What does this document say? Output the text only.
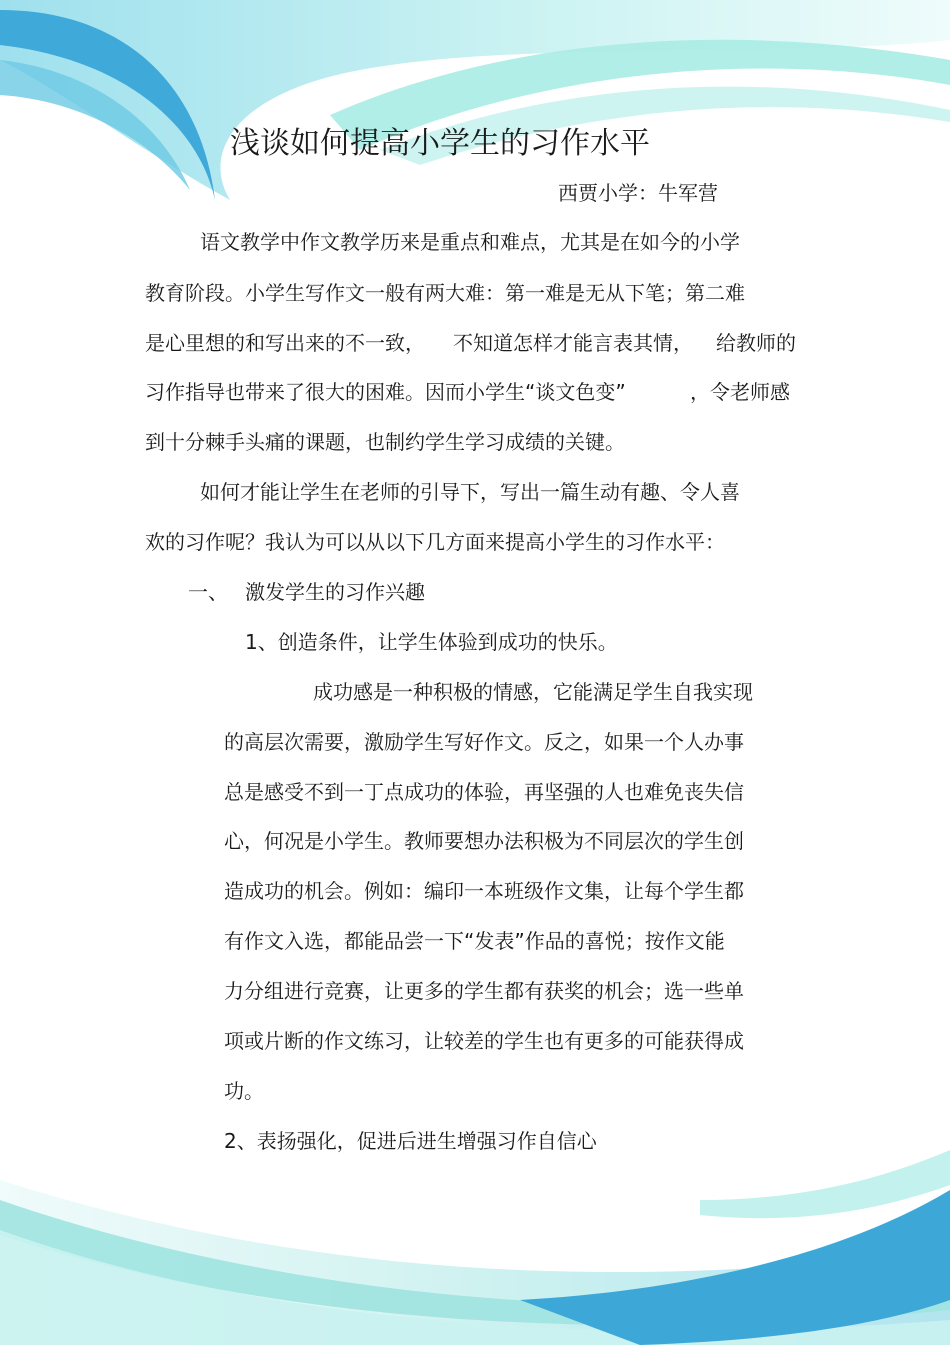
浅谈如何提高小学生的习作水平
西贾小学：牛军营
语文教学中作文教学历来是重点和难点，尤其是在如今的小学
教育阶段。小学生写作文一般有两大难：第一难是无从下笔；第二难
是心里想的和写出来的不一致， 不知道怎样才能言表其情， 给教师的
习作指导也带来了很大的困难。因而小学生“谈文色变”	，令老师感
到十分棘手头痛的课题，也制约学生学习成绩的关键。
如何才能让学生在老师的引导下，写出一篇生动有趣、令人喜
欢的习作呢？我认为可以从以下几方面来提高小学生的习作水平：
一、 激发学生的习作兴趣
1、创造条件，让学生体验到成功的快乐。
成功感是一种积极的情感，它能满足学生自我实现
的高层次需要，激励学生写好作文。反之，如果一个人办事
总是感受不到一丁点成功的体验，再坚强的人也难免丧失信
心，何况是小学生。教师要想办法积极为不同层次的学生创
造成功的机会。例如：编印一本班级作文集，让每个学生都
有作文入选，都能品尝一下“发表”作品的喜悦；按作文能
力分组进行竞赛，让更多的学生都有获奖的机会；选一些单
项或片断的作文练习，让较差的学生也有更多的可能获得成
功。
2、表扬强化，促进后进生增强习作自信心
